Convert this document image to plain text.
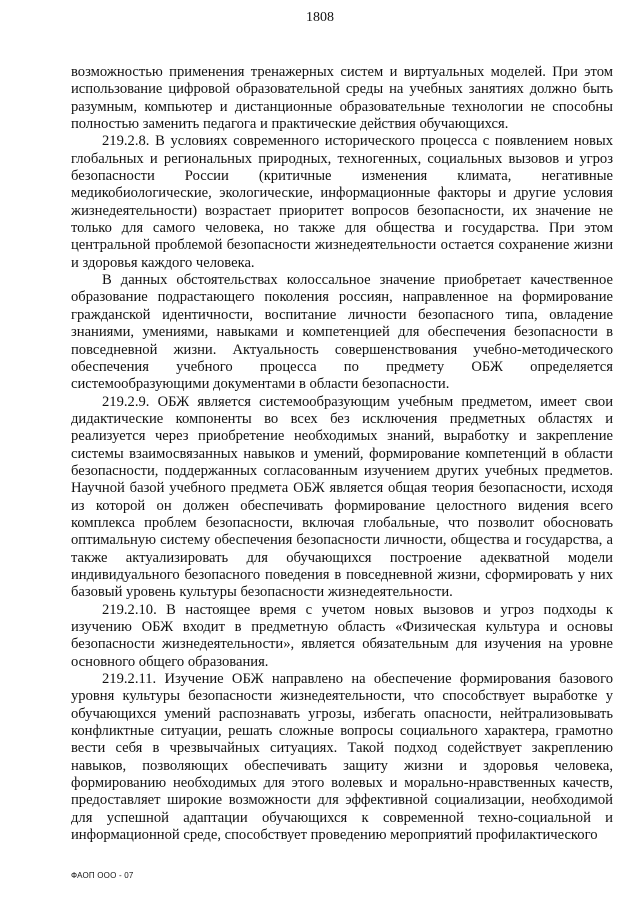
1808

возможностью применения тренажерных систем и виртуальных моделей. При этом использование цифровой образовательной среды на учебных занятиях должно быть разумным, компьютер и дистанционные образовательные технологии не способны полностью заменить педагога и практические действия обучающихся.

219.2.8. В условиях современного исторического процесса с появлением новых глобальных и региональных природных, техногенных, социальных вызовов и угроз безопасности России (критичные изменения климата, негативные медикобиологические, экологические, информационные факторы и другие условия жизнедеятельности) возрастает приоритет вопросов безопасности, их значение не только для самого человека, но также для общества и государства. При этом центральной проблемой безопасности жизнедеятельности остается сохранение жизни и здоровья каждого человека.

В данных обстоятельствах колоссальное значение приобретает качественное образование подрастающего поколения россиян, направленное на формирование гражданской идентичности, воспитание личности безопасного типа, овладение знаниями, умениями, навыками и компетенцией для обеспечения безопасности в повседневной жизни. Актуальность совершенствования учебно-методического обеспечения учебного процесса по предмету ОБЖ определяется системообразующими документами в области безопасности.

219.2.9. ОБЖ является системообразующим учебным предметом, имеет свои дидактические компоненты во всех без исключения предметных областях и реализуется через приобретение необходимых знаний, выработку и закрепление системы взаимосвязанных навыков и умений, формирование компетенций в области безопасности, поддержанных согласованным изучением других учебных предметов. Научной базой учебного предмета ОБЖ является общая теория безопасности, исходя из которой он должен обеспечивать формирование целостного видения всего комплекса проблем безопасности, включая глобальные, что позволит обосновать оптимальную систему обеспечения безопасности личности, общества и государства, а также актуализировать для обучающихся построение адекватной модели индивидуального безопасного поведения в повседневной жизни, сформировать у них базовый уровень культуры безопасности жизнедеятельности.

219.2.10. В настоящее время с учетом новых вызовов и угроз подходы к изучению ОБЖ входит в предметную область «Физическая культура и основы безопасности жизнедеятельности», является обязательным для изучения на уровне основного общего образования.

219.2.11. Изучение ОБЖ направлено на обеспечение формирования базового уровня культуры безопасности жизнедеятельности, что способствует выработке у обучающихся умений распознавать угрозы, избегать опасности, нейтрализовывать конфликтные ситуации, решать сложные вопросы социального характера, грамотно вести себя в чрезвычайных ситуациях. Такой подход содействует закреплению навыков, позволяющих обеспечивать защиту жизни и здоровья человека, формированию необходимых для этого волевых и морально-нравственных качеств, предоставляет широкие возможности для эффективной социализации, необходимой для успешной адаптации обучающихся к современной техно-социальной и информационной среде, способствует проведению мероприятий профилактического

ФАОП ООО - 07
